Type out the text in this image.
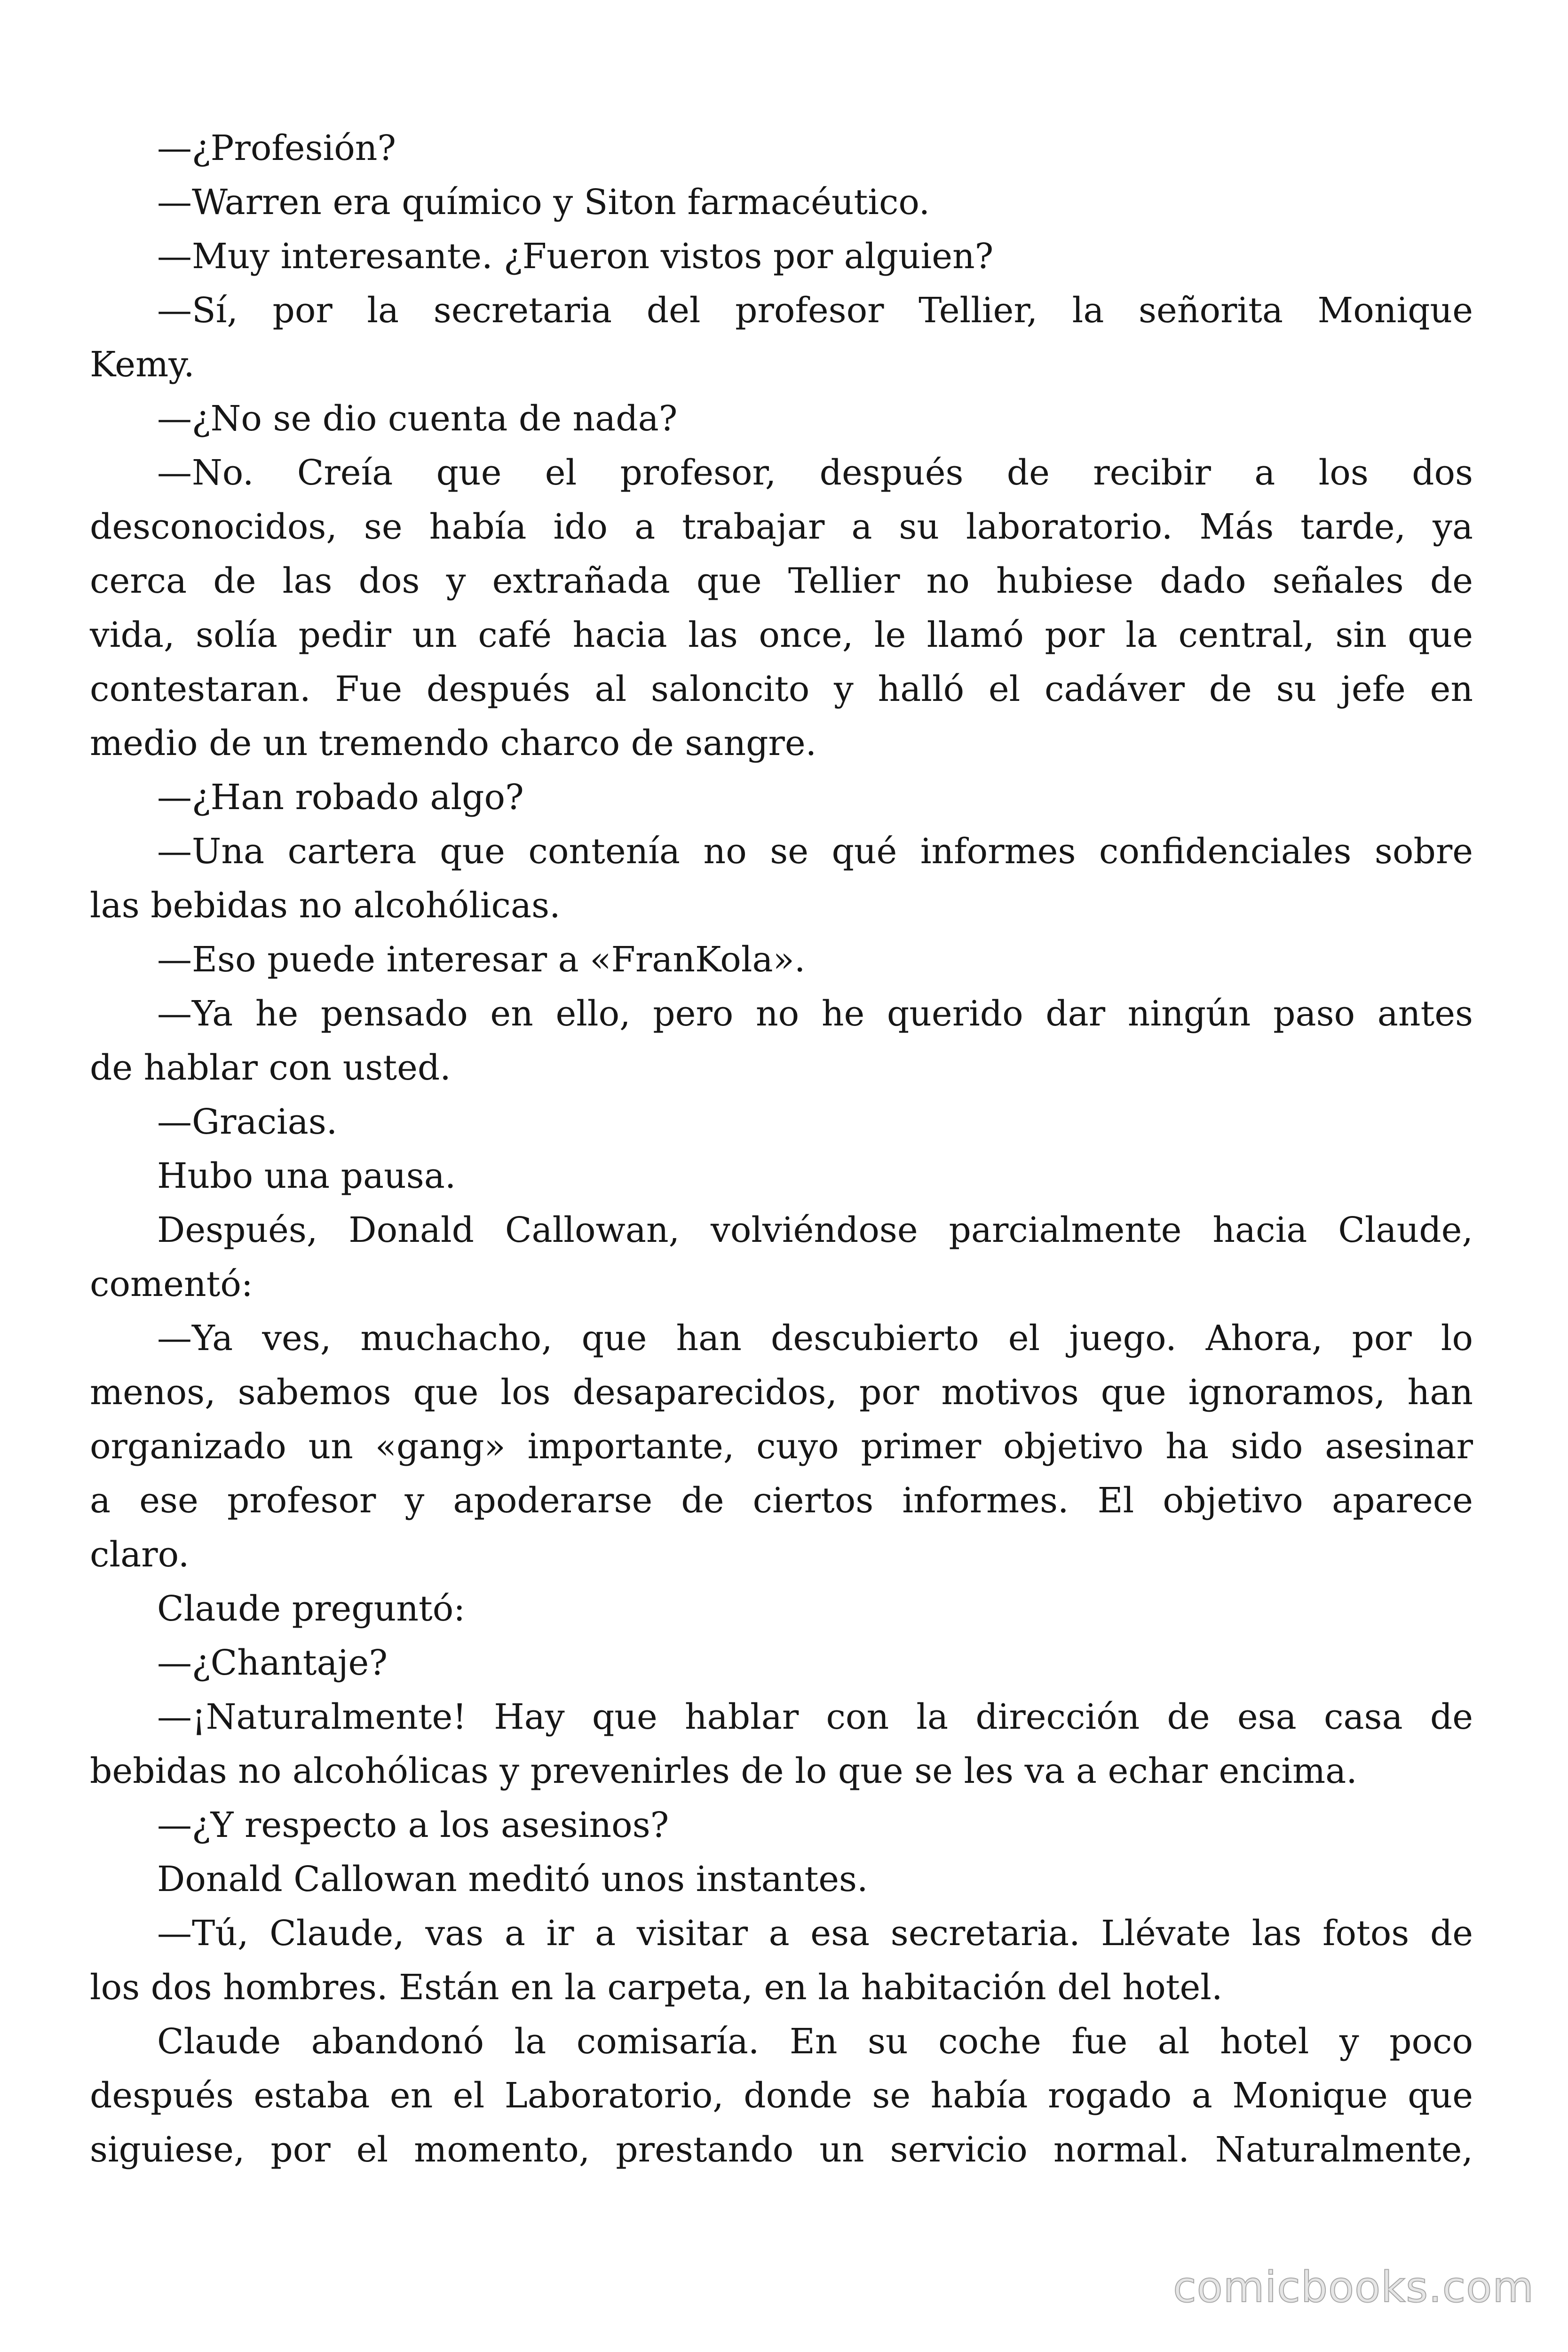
—¿Profesión?
—Warren era químico y Siton farmacéutico.
—Muy interesante. ¿Fueron vistos por alguien?
—Sí, por la secretaria del profesor Tellier, la señorita Monique
Kemy.
—¿No se dio cuenta de nada?
—No. Creía que el profesor, después de recibir a los dos
desconocidos, se había ido a trabajar a su laboratorio. Más tarde, ya
cerca de las dos y extrañada que Tellier no hubiese dado señales de
vida, solía pedir un café hacia las once, le llamó por la central, sin que
contestaran. Fue después al saloncito y halló el cadáver de su jefe en
medio de un tremendo charco de sangre.
—¿Han robado algo?
—Una cartera que contenía no se qué informes confidenciales sobre
las bebidas no alcohólicas.
—Eso puede interesar a «FranKola».
—Ya he pensado en ello, pero no he querido dar ningún paso antes
de hablar con usted.
—Gracias.
Hubo una pausa.
Después, Donald Callowan, volviéndose parcialmente hacia Claude,
comentó:
—Ya ves, muchacho, que han descubierto el juego. Ahora, por lo
menos, sabemos que los desaparecidos, por motivos que ignoramos, han
organizado un «gang» importante, cuyo primer objetivo ha sido asesinar
a ese profesor y apoderarse de ciertos informes. El objetivo aparece
claro.
Claude preguntó:
—¿Chantaje?
—¡Naturalmente! Hay que hablar con la dirección de esa casa de
bebidas no alcohólicas y prevenirles de lo que se les va a echar encima.
—¿Y respecto a los asesinos?
Donald Callowan meditó unos instantes.
—Tú, Claude, vas a ir a visitar a esa secretaria. Llévate las fotos de
los dos hombres. Están en la carpeta, en la habitación del hotel.
Claude abandonó la comisaría. En su coche fue al hotel y poco
después estaba en el Laboratorio, donde se había rogado a Monique que
siguiese, por el momento, prestando un servicio normal. Naturalmente,
comicbooks.com
